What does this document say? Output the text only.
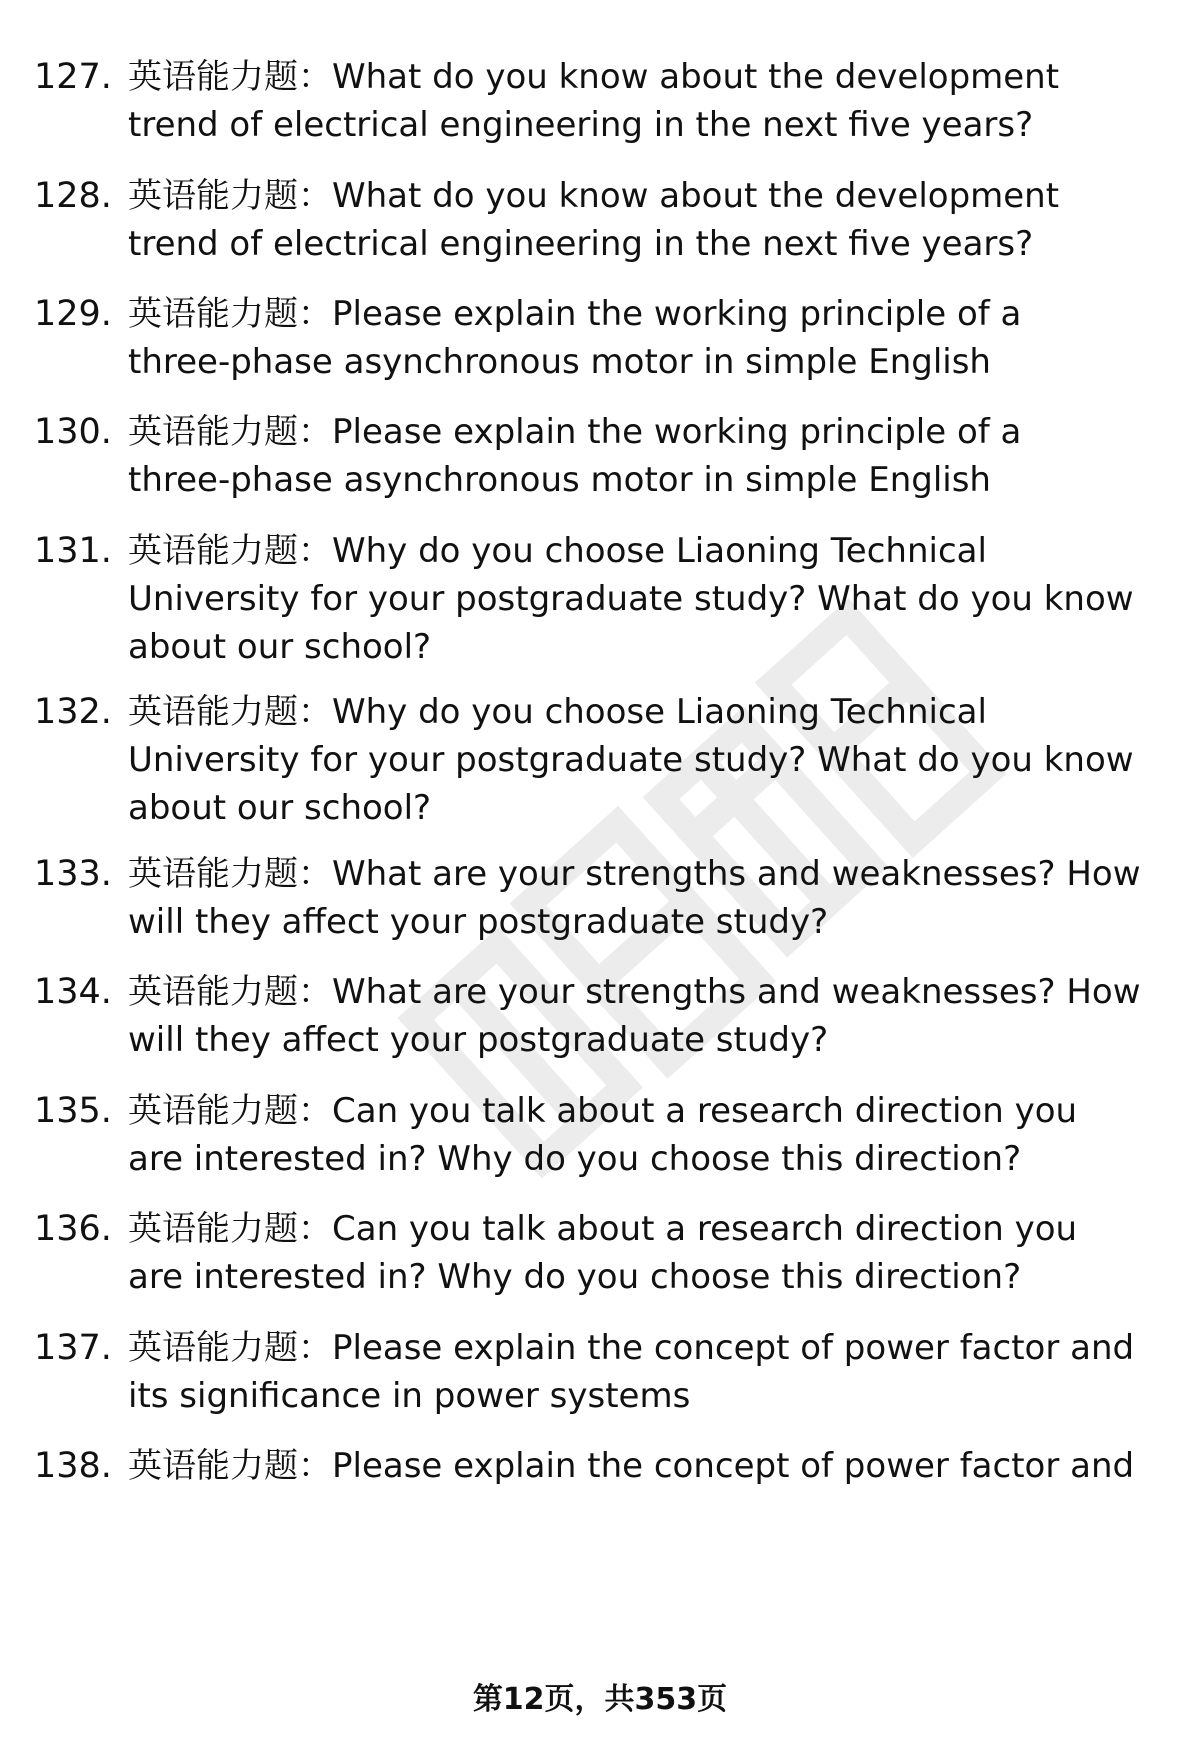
127. 英语能力题：What do you know about the development
trend of electrical engineering in the next five years?
128. 英语能力题：What do you know about the development
trend of electrical engineering in the next five years?
129. 英语能力题：Please explain the working principle of a
three-phase asynchronous motor in simple English
130. 英语能力题：Please explain the working principle of a
three-phase asynchronous motor in simple English
131. 英语能力题：Why do you choose Liaoning Technical
University for your postgraduate study? What do you know
about our school?
132. 英语能力题：Why do you choose Liaoning Technical
University for your postgraduate study? What do you know
about our school?
133. 英语能力题：What are your strengths and weaknesses? How
will they affect your postgraduate study?
134. 英语能力题：What are your strengths and weaknesses? How
will they affect your postgraduate study?
135. 英语能力题：Can you talk about a research direction you
are interested in? Why do you choose this direction?
136. 英语能力题：Can you talk about a research direction you
are interested in? Why do you choose this direction?
137. 英语能力题：Please explain the concept of power factor and
its significance in power systems
138. 英语能力题：Please explain the concept of power factor and
第12页，共353页
